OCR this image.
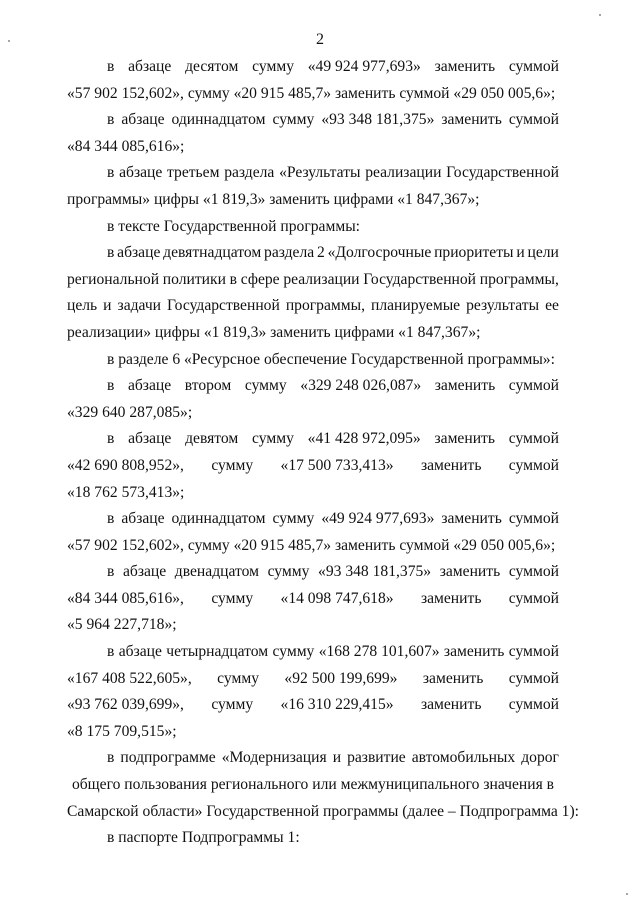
2

в абзаце десятом сумму «49 924 977,693» заменить суммой
«57 902 152,602», сумму «20 915 485,7» заменить суммой «29 050 005,6»;

в абзаце одиннадцатом сумму «93 348 181,375» заменить суммой
«84 344 085,616»;

в абзаце третьем раздела «Результаты реализации Государственной
программы» цифры «1 819,3» заменить цифрами «1 847,367»;

в тексте Государственной программы:

в абзаце девятнадцатом раздела 2 «Долгосрочные приоритеты и цели
региональной политики в сфере реализации Государственной программы,
цель и задачи Государственной программы, планируемые результаты ее
реализации» цифры «1 819,3» заменить цифрами «1 847,367»;

в разделе 6 «Ресурсное обеспечение Государственной программы»:

в абзаце втором сумму «329 248 026,087» заменить суммой
«329 640 287,085»;

в абзаце девятом сумму «41 428 972,095» заменить суммой
«42 690 808,952», сумму «17 500 733,413» заменить суммой
«18 762 573,413»;

в абзаце одиннадцатом сумму «49 924 977,693» заменить суммой
«57 902 152,602», сумму «20 915 485,7» заменить суммой «29 050 005,6»;

в абзаце двенадцатом сумму «93 348 181,375» заменить суммой
«84 344 085,616», сумму «14 098 747,618» заменить суммой
«5 964 227,718»;

в абзаце четырнадцатом сумму «168 278 101,607» заменить суммой
«167 408 522,605», сумму «92 500 199,699» заменить суммой
«93 762 039,699», сумму «16 310 229,415» заменить суммой
«8 175 709,515»;

в подпрограмме «Модернизация и развитие автомобильных дорог
общего пользования регионального или межмуниципального значения в
Самарской области» Государственной программы (далее – Подпрограмма 1):

в паспорте Подпрограммы 1:
